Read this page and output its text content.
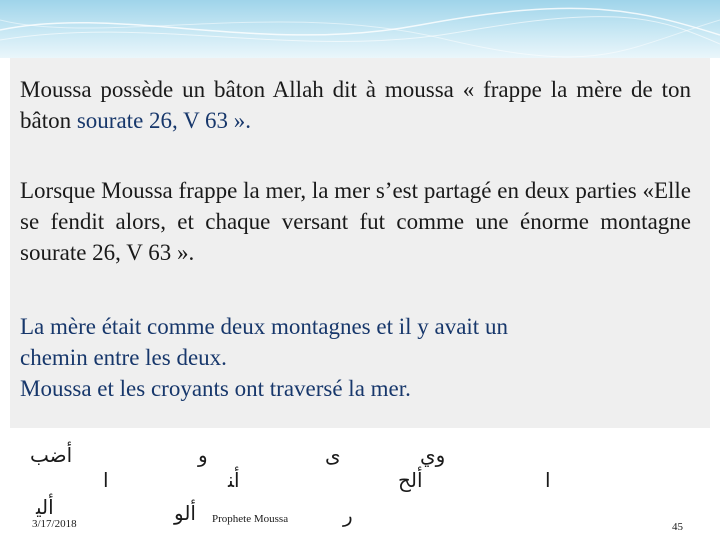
Moussa possède un bâton Allah dit à moussa « frappe la mère de ton bâton sourate 26, V 63 ».

Lorsque Moussa frappe la mer, la mer s’est partagé en deux parties «Elle se fendit alors, et chaque versant fut comme une énorme montagne sourate 26, V 63 ».

La mère était comme deux montagnes et il y avait un
chemin entre les deux.
Moussa et les croyants ont traversé la mer.
ﺃﺿﺐ	ﻭ	ﻯ	ﻭﻱ
ﺍ	ﺃﻨ	ﺃﻟﺢ	ﺍ
ﺃﻟﻴ	ﺃﻟﻮ	ﺭ
3/17/2018	Prophete Moussa
45
